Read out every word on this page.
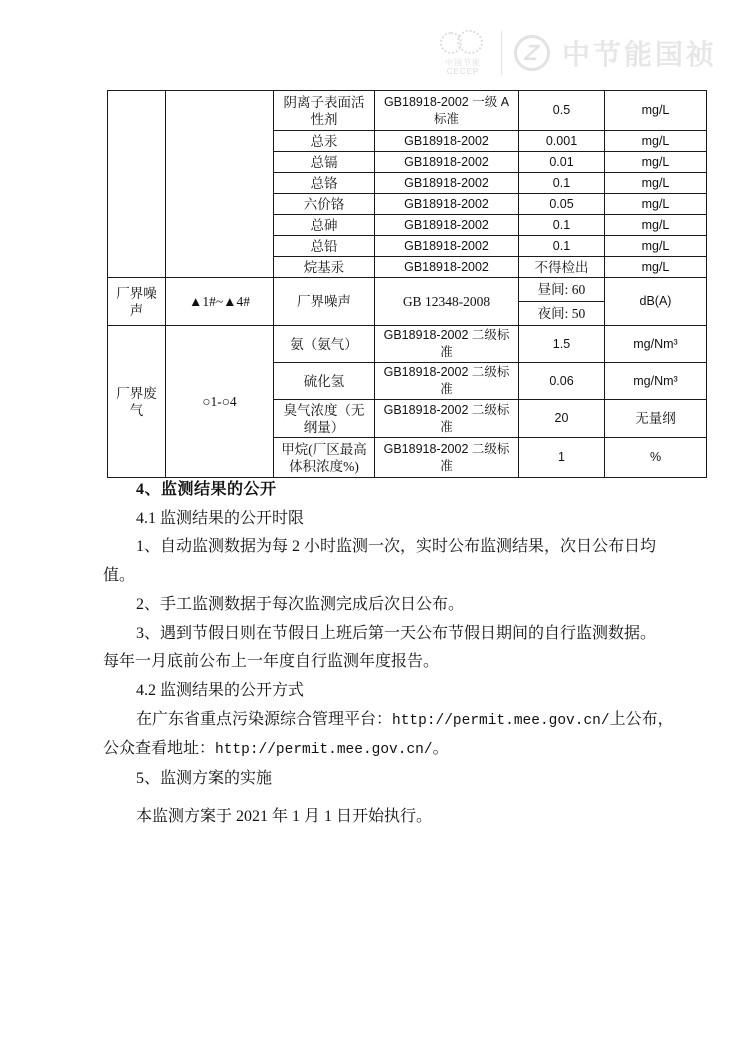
中国节能
CECEP
Z 中节能国祯
		阴离子表面活性剂	GB18918-2002 一级 A 标准	0.5	mg/L
		总汞	GB18918-2002	0.001	mg/L
		总镉	GB18918-2002	0.01	mg/L
		总铬	GB18918-2002	0.1	mg/L
		六价铬	GB18918-2002	0.05	mg/L
		总砷	GB18918-2002	0.1	mg/L
		总铅	GB18918-2002	0.1	mg/L
		烷基汞	GB18918-2002	不得检出	mg/L
厂界噪声	▲1#~▲4#	厂界噪声	GB 12348-2008	昼间: 60	dB(A)
				夜间: 50	
厂界废气	○1-○4	氨（氨气）	GB18918-2002 二级标准	1.5	mg/Nm³
		硫化氢	GB18918-2002 二级标准	0.06	mg/Nm³
		臭气浓度（无纲量）	GB18918-2002 二级标准	20	无量纲
		甲烷(厂区最高体积浓度%)	GB18918-2002 二级标准	1	%
4、监测结果的公开
4.1 监测结果的公开时限
1、自动监测数据为每 2 小时监测一次，实时公布监测结果，次日公布日均
值。
2、手工监测数据于每次监测完成后次日公布。
3、遇到节假日则在节假日上班后第一天公布节假日期间的自行监测数据。
每年一月底前公布上一年度自行监测年度报告。
4.2 监测结果的公开方式
在广东省重点污染源综合管理平台：http://permit.mee.gov.cn/上公布，
公众查看地址：http://permit.mee.gov.cn/。
5、监测方案的实施
本监测方案于 2021 年 1 月 1 日开始执行。
